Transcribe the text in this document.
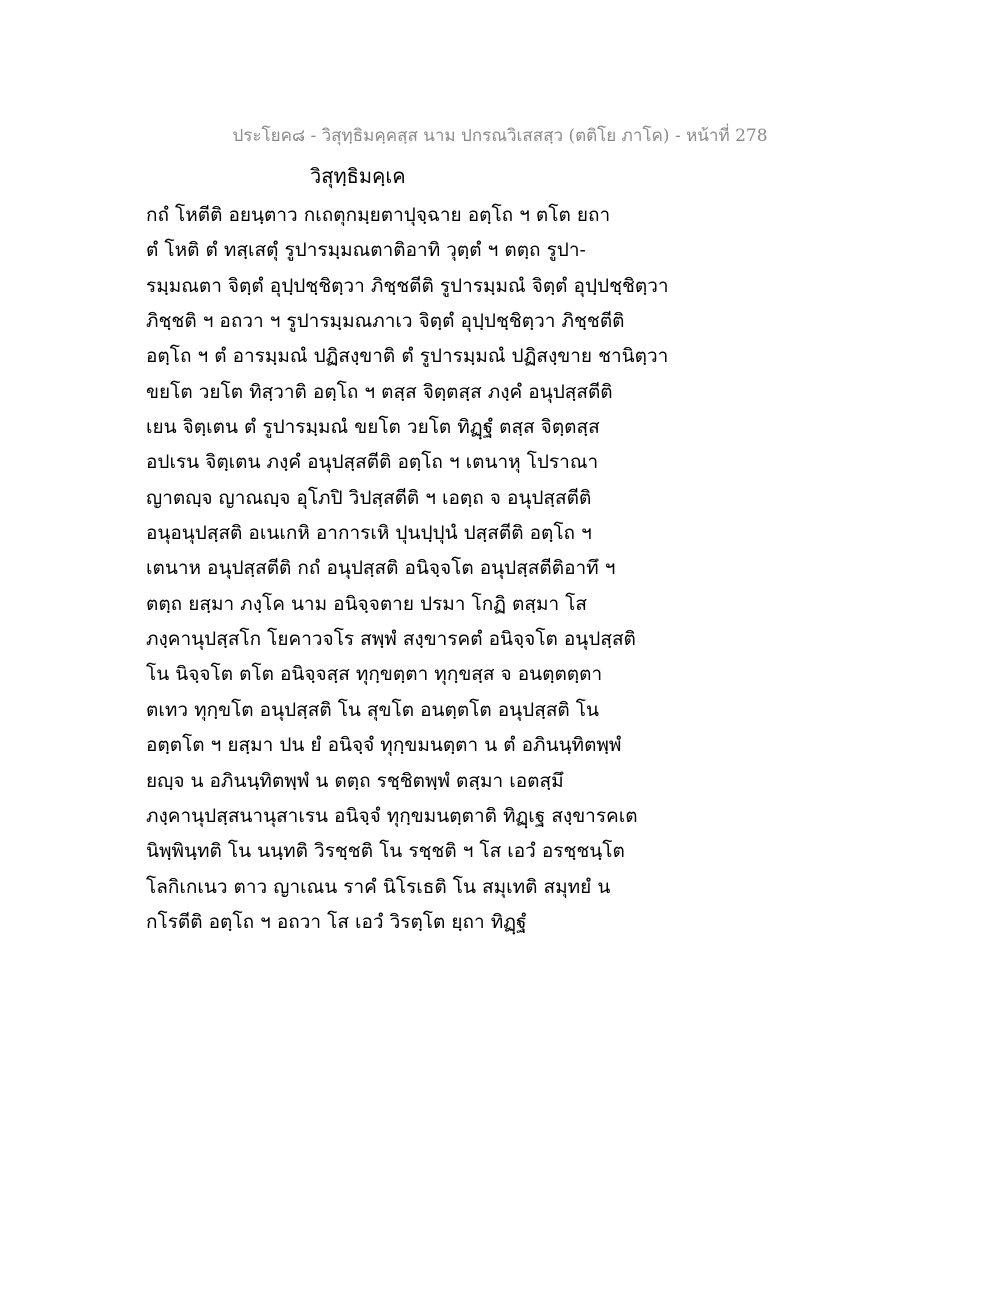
ประโยค๘ - วิสุทฺธิมคฺคสฺส นาม ปกรณวิเสสสฺว (ตติโย ภาโค) - หน้าที่ 278
วิสุทฺธิมคฺเค
กถํ โหตีติ อยนฺตาว กเถตุกมฺยตาปุจฺฉาย อตฺโถ ฯ ตโต ยถา
ตํ โหติ ตํ ทสฺเสตุํ รูปารมฺมณตาติอาทิ วุตฺตํ ฯ ตตฺถ รูปา-
รมฺมณตา จิตฺตํ อุปฺปชฺชิตฺวา ภิชฺชตีติ รูปารมฺมณํ จิตฺตํ อุปฺปชฺชิตฺวา
ภิชฺชติ ฯ อถวา ฯ รูปารมฺมณภาเว จิตฺตํ อุปฺปชฺชิตฺวา ภิชฺชตีติ
อตฺโถ ฯ ตํ อารมฺมณํ ปฏิสงฺขาติ ตํ รูปารมฺมณํ ปฏิสงฺขาย ชานิตฺวา
ขยโต วยโต ทิสฺวาติ อตฺโถ ฯ ตสฺส จิตฺตสฺส ภงฺคํ อนุปสฺสตีติ
เยน จิตฺเตน ตํ รูปารมฺมณํ ขยโต วยโต ทิฏฺฐํ ตสฺส จิตฺตสฺส
อปเรน จิตฺเตน ภงฺคํ อนุปสฺสตีติ อตฺโถ ฯ เตนาหุ โปราณา
ญาตญฺจ ญาณญฺจ อุโภปิ วิปสฺสตีติ ฯ เอตฺถ จ อนุปสฺสตีติ
อนุอนุปสฺสติ อเนเกหิ อาการเหิ ปุนปฺปุนํ ปสฺสตีติ อตฺโถ ฯ
เตนาห อนุปสฺสตีติ กถํ อนุปสฺสติ อนิจฺจโต อนุปสฺสตีติอาทึ ฯ
ตตฺถ ยสฺมา ภงฺโค นาม อนิจฺจตาย ปรมา โกฏิ ตสฺมา โส
ภงฺคานุปสฺสโก โยคาวจโร สพฺพํ สงฺขารคตํ อนิจฺจโต อนุปสฺสติ
โน นิจฺจโต ตโต อนิจฺจสฺส ทุกฺขตฺตา ทุกฺขสฺส จ อนตฺตตฺตา
ตเทว ทุกฺขโต อนุปสฺสติ โน สุขโต อนตฺตโต อนุปสฺสติ โน
อตฺตโต ฯ ยสฺมา ปน ยํ อนิจฺจํ ทุกฺขมนตฺตา น ตํ อภินนฺทิตพฺพํ
ยญฺจ น อภินนฺทิตพฺพํ น ตตฺถ รชฺชิตพฺพํ ตสฺมา เอตสฺมึ
ภงฺคานุปสฺสนานุสาเรน อนิจฺจํ ทุกฺขมนตฺตาติ ทิฏฺเฐ สงฺขารคเต
นิพฺพินฺทติ โน นนฺทติ วิรชฺชติ โน รชฺชติ ฯ โส เอวํ อรชฺชนฺโต
โลกิเกเนว ตาว ญาเณน ราคํ นิโรเธติ โน สมุเทติ สมุทยํ น
กโรตีติ อตฺโถ ฯ อถวา โส เอวํ วิรตฺโต ยฺถา ทิฏฺฐํ
